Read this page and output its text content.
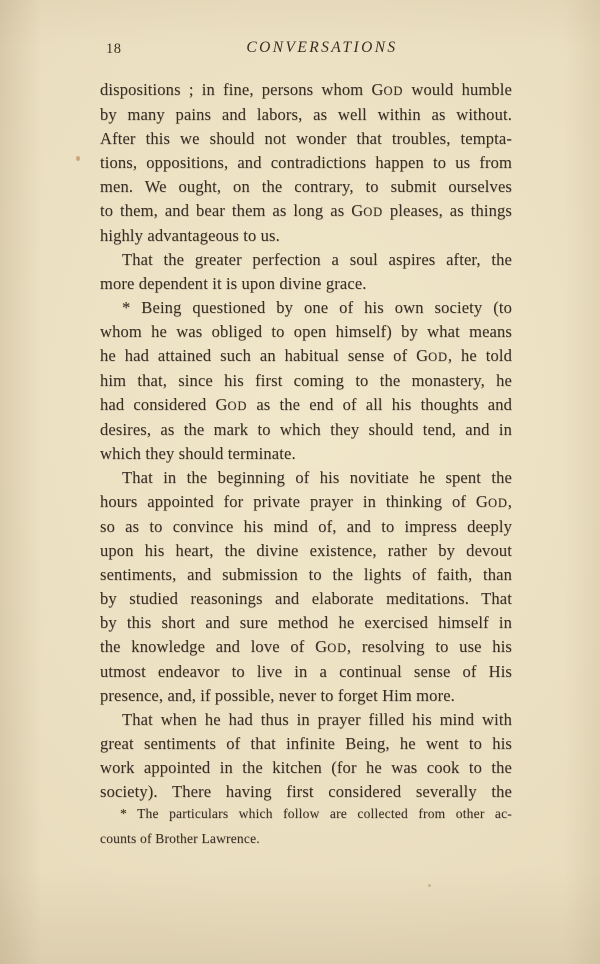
18	CONVERSATIONS
dispositions ; in fine, persons whom GOD would humble
by many pains and labors, as well within as without.
After this we should not wonder that troubles, tempta-
tions, oppositions, and contradictions happen to us from
men. We ought, on the contrary, to submit ourselves
to them, and bear them as long as GOD pleases, as things
highly advantageous to us.
That the greater perfection a soul aspires after, the
more dependent it is upon divine grace.
* Being questioned by one of his own society (to
whom he was obliged to open himself) by what means
he had attained such an habitual sense of GOD, he told
him that, since his first coming to the monastery, he
had considered GOD as the end of all his thoughts and
desires, as the mark to which they should tend, and in
which they should terminate.
That in the beginning of his novitiate he spent the
hours appointed for private prayer in thinking of GOD,
so as to convince his mind of, and to impress deeply
upon his heart, the divine existence, rather by devout
sentiments, and submission to the lights of faith, than
by studied reasonings and elaborate meditations. That
by this short and sure method he exercised himself in
the knowledge and love of GOD, resolving to use his
utmost endeavor to live in a continual sense of His
presence, and, if possible, never to forget Him more.
That when he had thus in prayer filled his mind with
great sentiments of that infinite Being, he went to his
work appointed in the kitchen (for he was cook to the
society). There having first considered severally the
* The particulars which follow are collected from other ac-
counts of Brother Lawrence.
